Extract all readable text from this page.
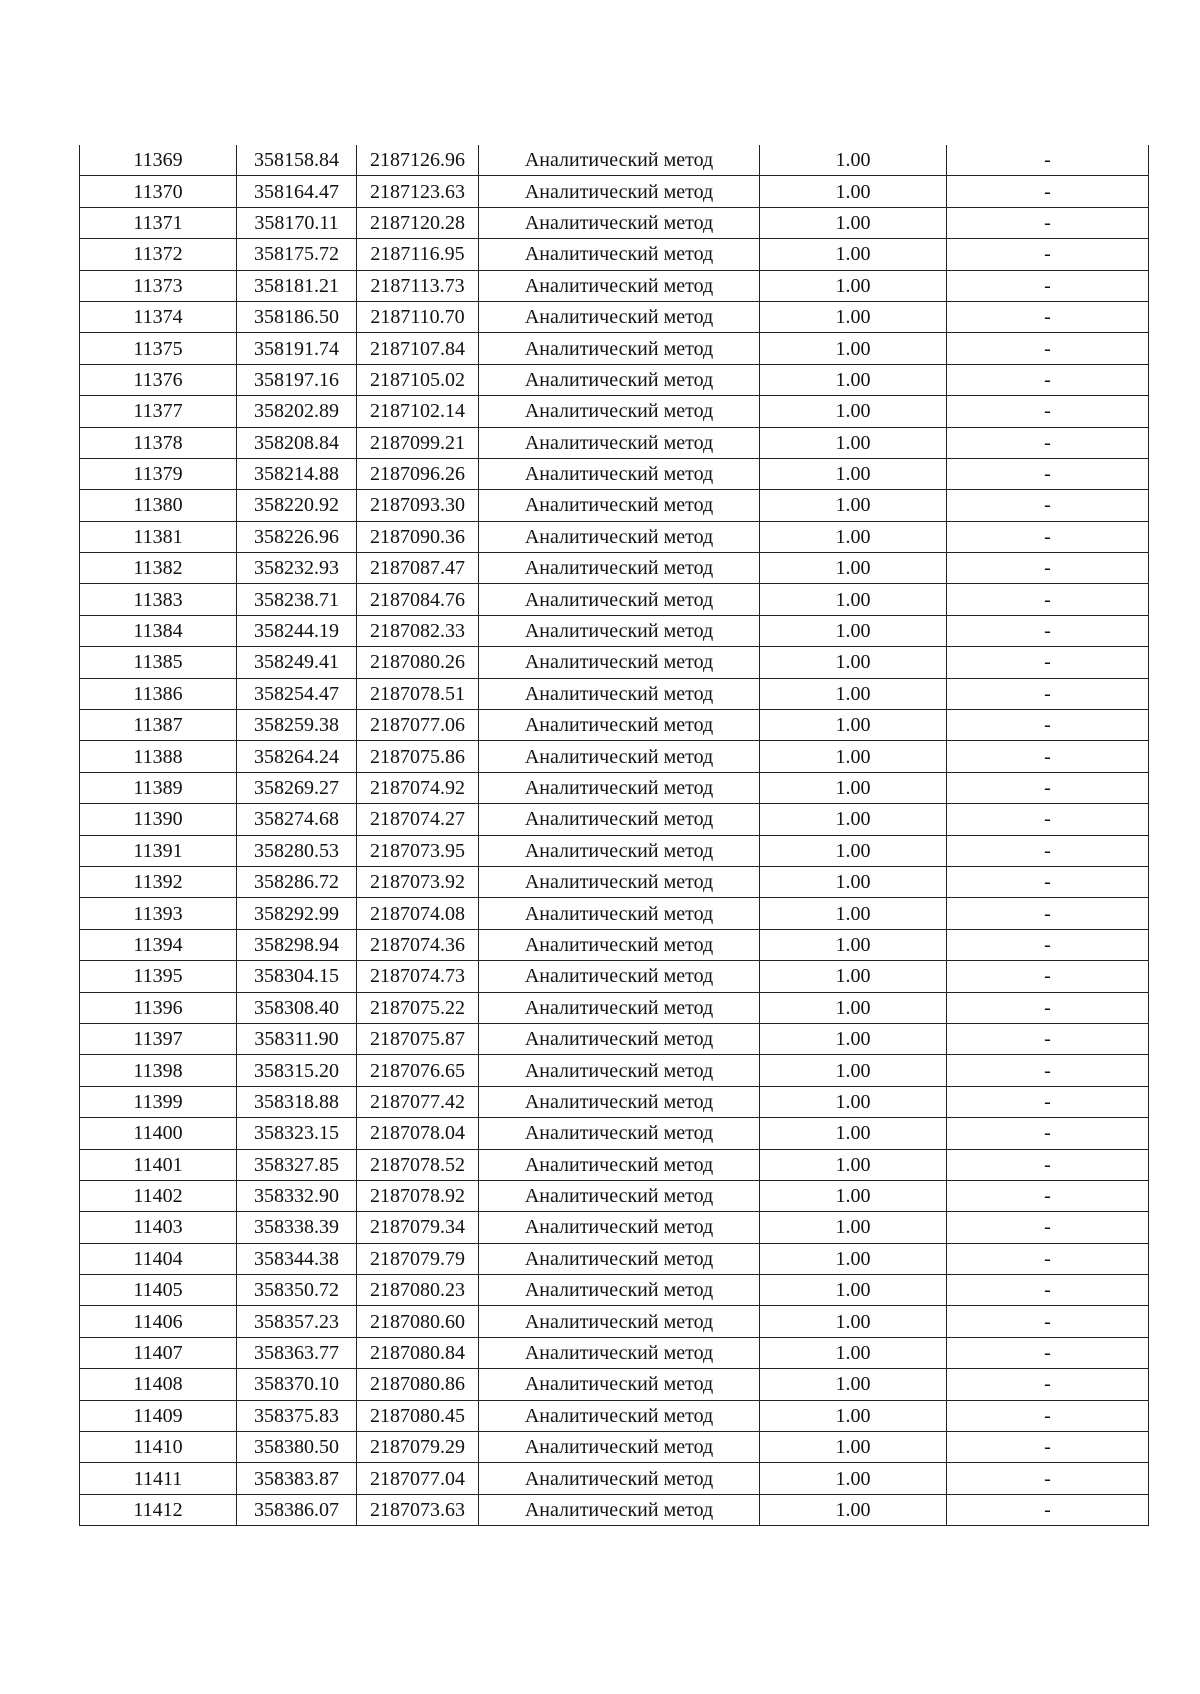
11369	358158.84	2187126.96	Аналитический метод	1.00	-
11370	358164.47	2187123.63	Аналитический метод	1.00	-
11371	358170.11	2187120.28	Аналитический метод	1.00	-
11372	358175.72	2187116.95	Аналитический метод	1.00	-
11373	358181.21	2187113.73	Аналитический метод	1.00	-
11374	358186.50	2187110.70	Аналитический метод	1.00	-
11375	358191.74	2187107.84	Аналитический метод	1.00	-
11376	358197.16	2187105.02	Аналитический метод	1.00	-
11377	358202.89	2187102.14	Аналитический метод	1.00	-
11378	358208.84	2187099.21	Аналитический метод	1.00	-
11379	358214.88	2187096.26	Аналитический метод	1.00	-
11380	358220.92	2187093.30	Аналитический метод	1.00	-
11381	358226.96	2187090.36	Аналитический метод	1.00	-
11382	358232.93	2187087.47	Аналитический метод	1.00	-
11383	358238.71	2187084.76	Аналитический метод	1.00	-
11384	358244.19	2187082.33	Аналитический метод	1.00	-
11385	358249.41	2187080.26	Аналитический метод	1.00	-
11386	358254.47	2187078.51	Аналитический метод	1.00	-
11387	358259.38	2187077.06	Аналитический метод	1.00	-
11388	358264.24	2187075.86	Аналитический метод	1.00	-
11389	358269.27	2187074.92	Аналитический метод	1.00	-
11390	358274.68	2187074.27	Аналитический метод	1.00	-
11391	358280.53	2187073.95	Аналитический метод	1.00	-
11392	358286.72	2187073.92	Аналитический метод	1.00	-
11393	358292.99	2187074.08	Аналитический метод	1.00	-
11394	358298.94	2187074.36	Аналитический метод	1.00	-
11395	358304.15	2187074.73	Аналитический метод	1.00	-
11396	358308.40	2187075.22	Аналитический метод	1.00	-
11397	358311.90	2187075.87	Аналитический метод	1.00	-
11398	358315.20	2187076.65	Аналитический метод	1.00	-
11399	358318.88	2187077.42	Аналитический метод	1.00	-
11400	358323.15	2187078.04	Аналитический метод	1.00	-
11401	358327.85	2187078.52	Аналитический метод	1.00	-
11402	358332.90	2187078.92	Аналитический метод	1.00	-
11403	358338.39	2187079.34	Аналитический метод	1.00	-
11404	358344.38	2187079.79	Аналитический метод	1.00	-
11405	358350.72	2187080.23	Аналитический метод	1.00	-
11406	358357.23	2187080.60	Аналитический метод	1.00	-
11407	358363.77	2187080.84	Аналитический метод	1.00	-
11408	358370.10	2187080.86	Аналитический метод	1.00	-
11409	358375.83	2187080.45	Аналитический метод	1.00	-
11410	358380.50	2187079.29	Аналитический метод	1.00	-
11411	358383.87	2187077.04	Аналитический метод	1.00	-
11412	358386.07	2187073.63	Аналитический метод	1.00	-
